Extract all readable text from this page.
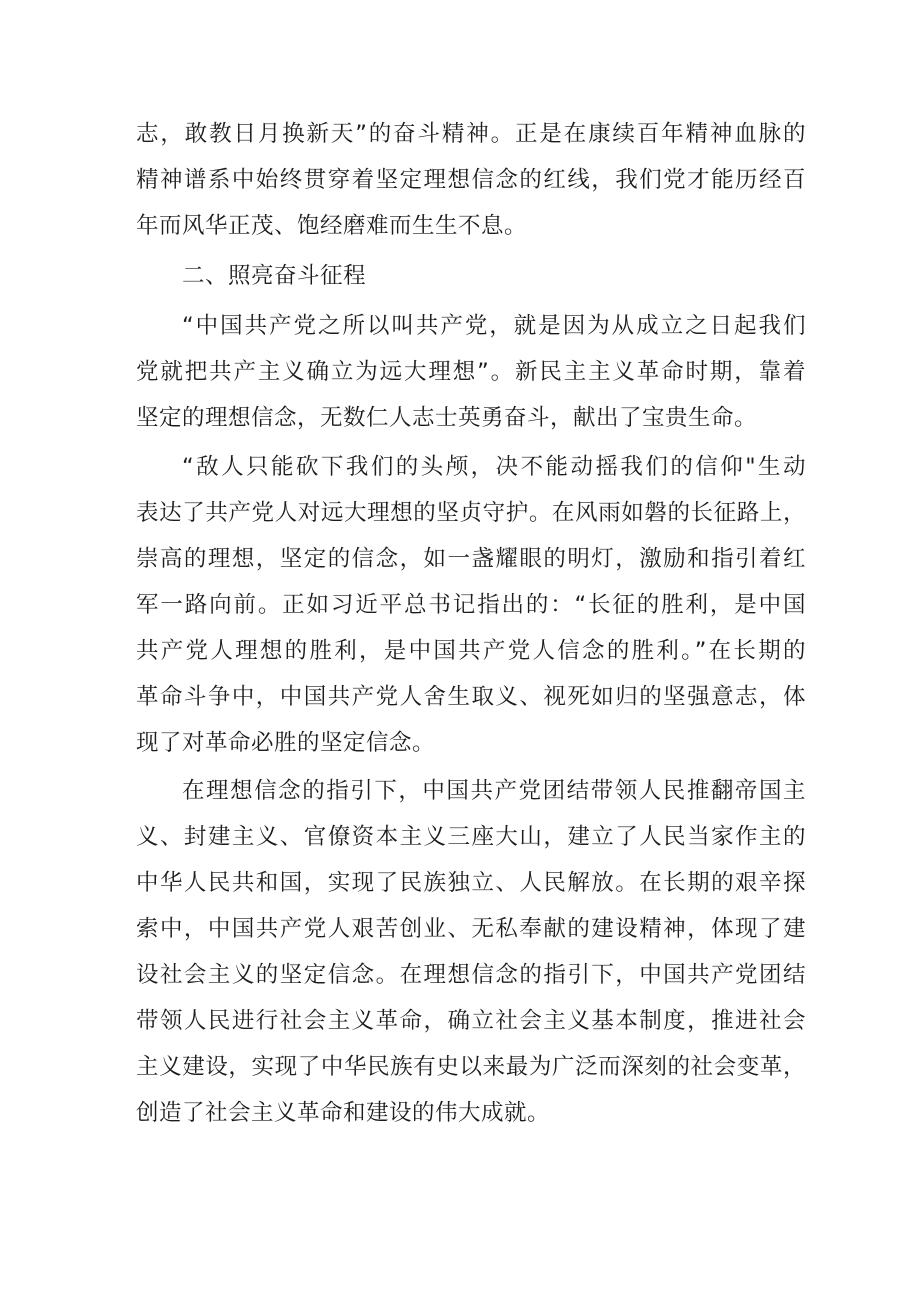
志，敢教日月换新天”的奋斗精神。正是在康续百年精神血脉的
精神谱系中始终贯穿着坚定理想信念的红线，我们党才能历经百
年而风华正茂、饱经磨难而生生不息。
二、照亮奋斗征程
“中国共产党之所以叫共产党，就是因为从成立之日起我们
党就把共产主义确立为远大理想”。新民主主义革命时期，靠着
坚定的理想信念，无数仁人志士英勇奋斗，献出了宝贵生命。
“敌人只能砍下我们的头颅，决不能动摇我们的信仰"生动
表达了共产党人对远大理想的坚贞守护。在风雨如磐的长征路上，
崇高的理想，坚定的信念，如一盏耀眼的明灯，激励和指引着红
军一路向前。正如习近平总书记指出的：“长征的胜利，是中国
共产党人理想的胜利，是中国共产党人信念的胜利。”在长期的
革命斗争中，中国共产党人舍生取义、视死如归的坚强意志，体
现了对革命必胜的坚定信念。
在理想信念的指引下，中国共产党团结带领人民推翻帝国主
义、封建主义、官僚资本主义三座大山，建立了人民当家作主的
中华人民共和国，实现了民族独立、人民解放。在长期的艰辛探
索中，中国共产党人艰苦创业、无私奉献的建设精神，体现了建
设社会主义的坚定信念。在理想信念的指引下，中国共产党团结
带领人民进行社会主义革命，确立社会主义基本制度，推进社会
主义建设，实现了中华民族有史以来最为广泛而深刻的社会变革，
创造了社会主义革命和建设的伟大成就。
